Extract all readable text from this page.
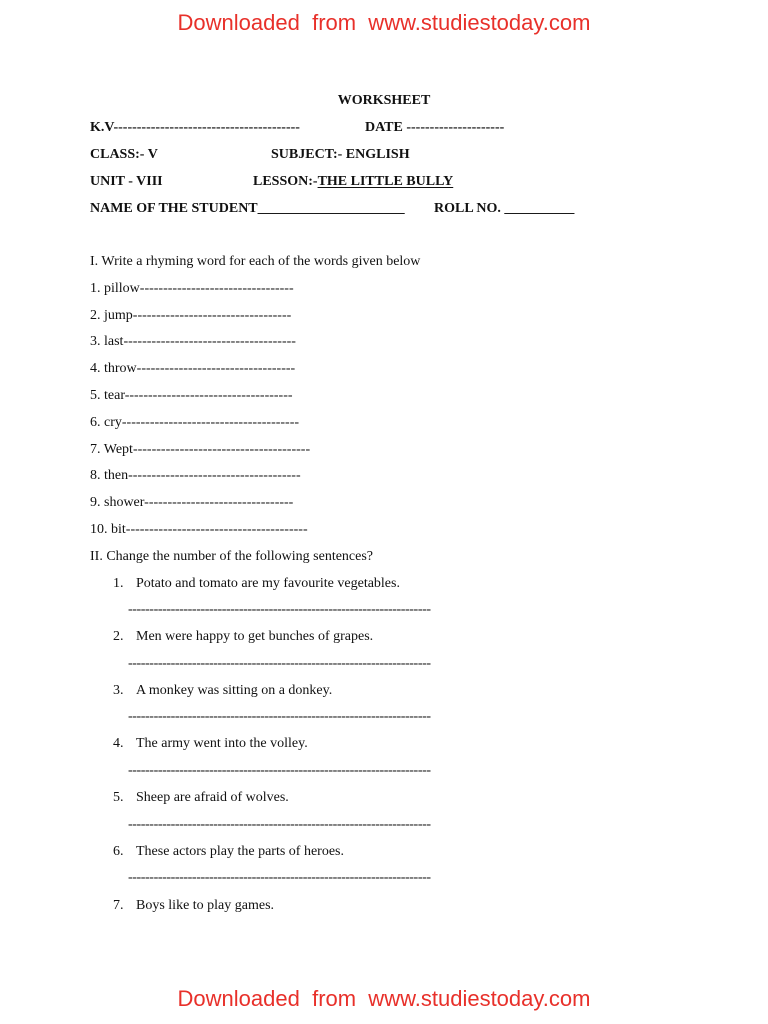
Downloaded  from  www.studiestoday.com
WORKSHEET
K.V----------------------------------------	DATE ---------------------
CLASS:- V	SUBJECT:- ENGLISH
UNIT - VIII	LESSON:-THE LITTLE BULLY
NAME OF THE STUDENT_____________________ ROLL NO. __________
I. Write a rhyming word for each of the words given below
1. pillow---------------------------------
2. jump----------------------------------
3. last-------------------------------------
4. throw----------------------------------
5. tear------------------------------------
6. cry--------------------------------------
7. Wept--------------------------------------
8. then-------------------------------------
9. shower--------------------------------
10. bit---------------------------------------
II. Change the number of the following sentences?
1. Potato and tomato are my favourite vegetables.
-----------------------------------------------------------------------
2. Men were happy to get bunches of grapes.
-----------------------------------------------------------------------
3. A monkey was sitting on a donkey.
-----------------------------------------------------------------------
4. The army went into the volley.
-----------------------------------------------------------------------
5. Sheep are afraid of wolves.
-----------------------------------------------------------------------
6. These actors play the parts of heroes.
-----------------------------------------------------------------------
7. Boys like to play games.
Downloaded  from  www.studiestoday.com
